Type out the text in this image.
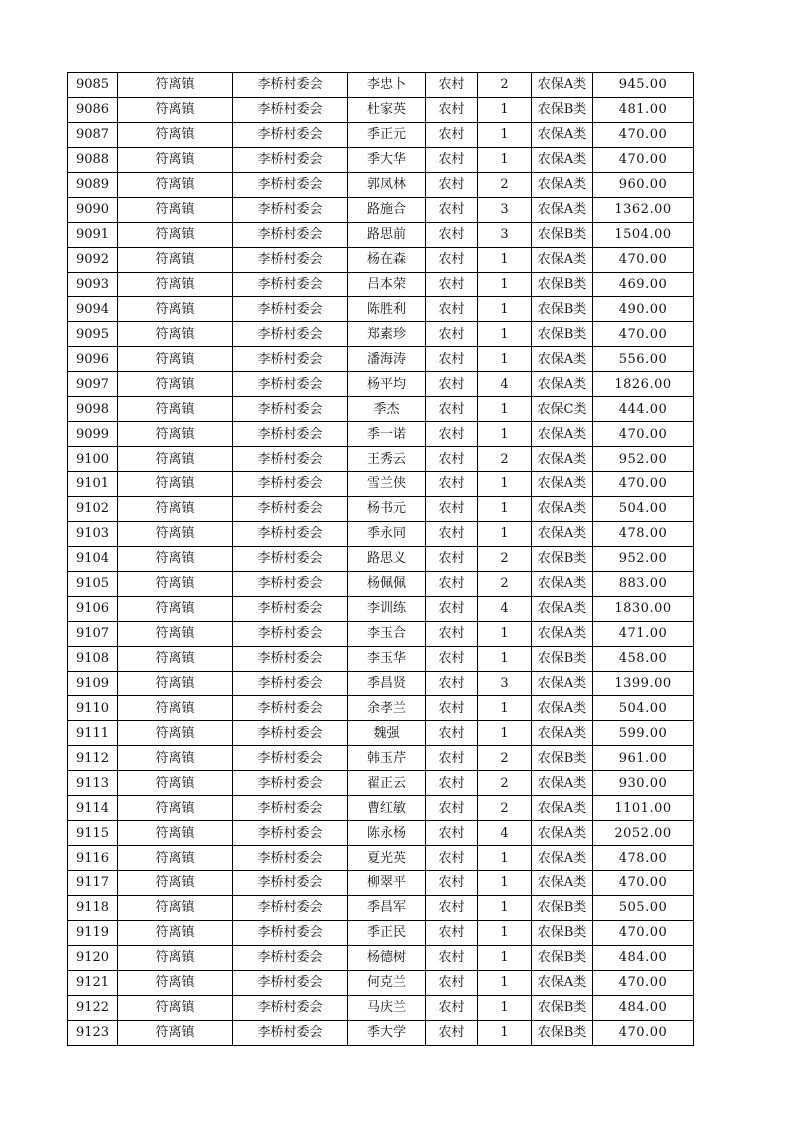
9085	符离镇	李桥村委会	李忠卜	农村	2	农保A类	945.00
9086	符离镇	李桥村委会	杜家英	农村	1	农保B类	481.00
9087	符离镇	李桥村委会	季正元	农村	1	农保A类	470.00
9088	符离镇	李桥村委会	季大华	农村	1	农保A类	470.00
9089	符离镇	李桥村委会	郭凤林	农村	2	农保A类	960.00
9090	符离镇	李桥村委会	路施合	农村	3	农保A类	1362.00
9091	符离镇	李桥村委会	路思前	农村	3	农保B类	1504.00
9092	符离镇	李桥村委会	杨在森	农村	1	农保A类	470.00
9093	符离镇	李桥村委会	吕本荣	农村	1	农保B类	469.00
9094	符离镇	李桥村委会	陈胜利	农村	1	农保B类	490.00
9095	符离镇	李桥村委会	郑素珍	农村	1	农保B类	470.00
9096	符离镇	李桥村委会	潘海涛	农村	1	农保A类	556.00
9097	符离镇	李桥村委会	杨平均	农村	4	农保A类	1826.00
9098	符离镇	李桥村委会	季杰	农村	1	农保C类	444.00
9099	符离镇	李桥村委会	季一诺	农村	1	农保A类	470.00
9100	符离镇	李桥村委会	王秀云	农村	2	农保A类	952.00
9101	符离镇	李桥村委会	雪兰侠	农村	1	农保A类	470.00
9102	符离镇	李桥村委会	杨书元	农村	1	农保A类	504.00
9103	符离镇	李桥村委会	季永同	农村	1	农保A类	478.00
9104	符离镇	李桥村委会	路思义	农村	2	农保B类	952.00
9105	符离镇	李桥村委会	杨佩佩	农村	2	农保A类	883.00
9106	符离镇	李桥村委会	李训练	农村	4	农保A类	1830.00
9107	符离镇	李桥村委会	李玉合	农村	1	农保A类	471.00
9108	符离镇	李桥村委会	李玉华	农村	1	农保B类	458.00
9109	符离镇	李桥村委会	季昌贤	农村	3	农保A类	1399.00
9110	符离镇	李桥村委会	余孝兰	农村	1	农保A类	504.00
9111	符离镇	李桥村委会	魏强	农村	1	农保A类	599.00
9112	符离镇	李桥村委会	韩玉芹	农村	2	农保B类	961.00
9113	符离镇	李桥村委会	翟正云	农村	2	农保A类	930.00
9114	符离镇	李桥村委会	曹红敏	农村	2	农保A类	1101.00
9115	符离镇	李桥村委会	陈永杨	农村	4	农保A类	2052.00
9116	符离镇	李桥村委会	夏光英	农村	1	农保A类	478.00
9117	符离镇	李桥村委会	柳翠平	农村	1	农保A类	470.00
9118	符离镇	李桥村委会	季昌军	农村	1	农保B类	505.00
9119	符离镇	李桥村委会	季正民	农村	1	农保B类	470.00
9120	符离镇	李桥村委会	杨德树	农村	1	农保B类	484.00
9121	符离镇	李桥村委会	何克兰	农村	1	农保A类	470.00
9122	符离镇	李桥村委会	马庆兰	农村	1	农保B类	484.00
9123	符离镇	李桥村委会	季大学	农村	1	农保B类	470.00
